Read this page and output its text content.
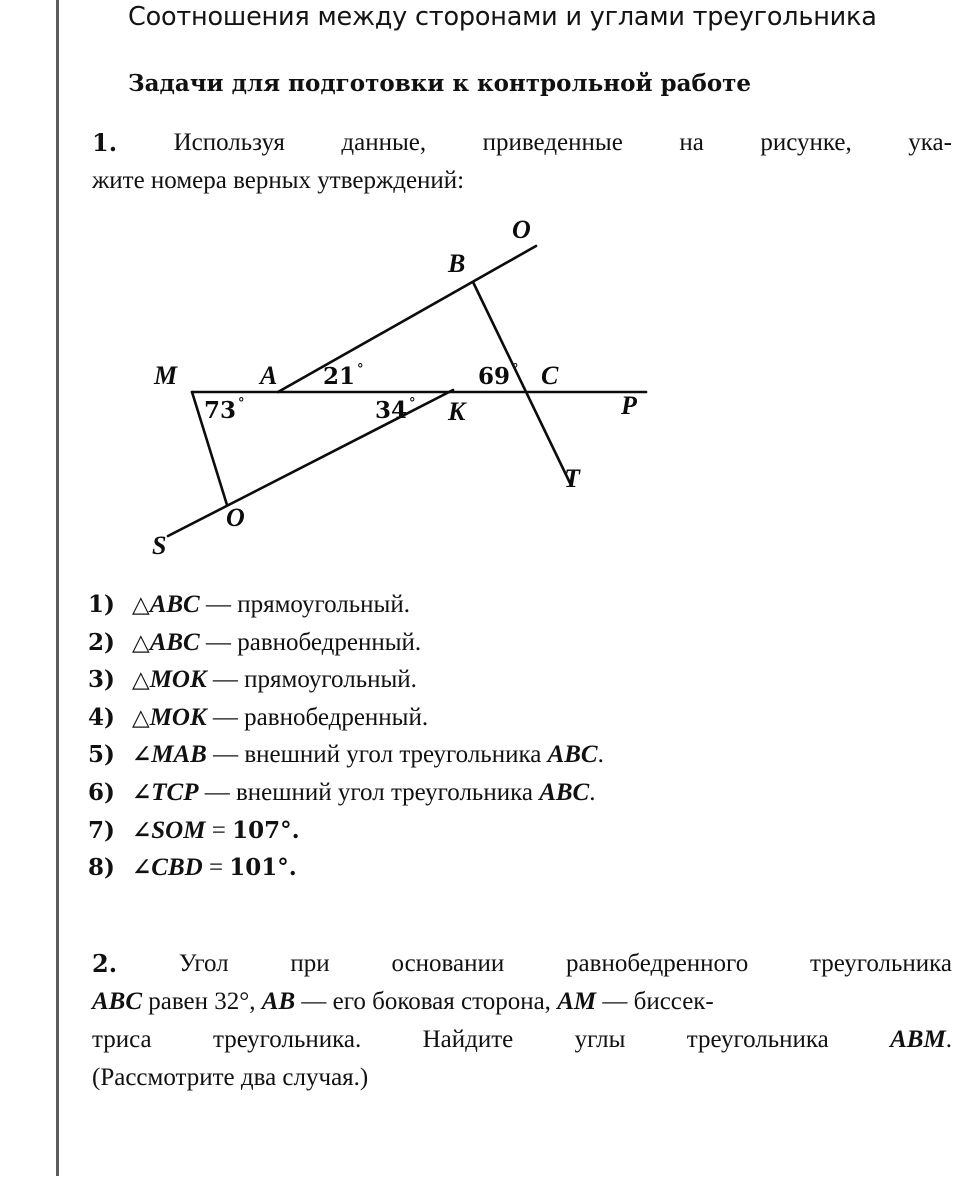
Соотношения между сторонами и углами треугольника
Задачи для подготовки к контрольной работе
1. Используя данные, приведенные на рисунке, ука-
жите номера верных утверждений:
M	A
B
O
C
P
K
T
O
S
21 °	69 °
73 °	34 °
1) △ABC — прямоугольный.
2) △ABC — равнобедренный.
3) △MOK — прямоугольный.
4) △MOK — равнобедренный.
5) ∠MAB — внешний угол треугольника ABC.
6) ∠TCP — внешний угол треугольника ABC.
7) ∠SOM = 107°.
8) ∠CBD = 101°.
2. Угол при основании равнобедренного треугольника
ABC равен 32°, AB — его боковая сторона, AM — биссек-
триса треугольника. Найдите углы треугольника ABM.
(Рассмотрите два случая.)
